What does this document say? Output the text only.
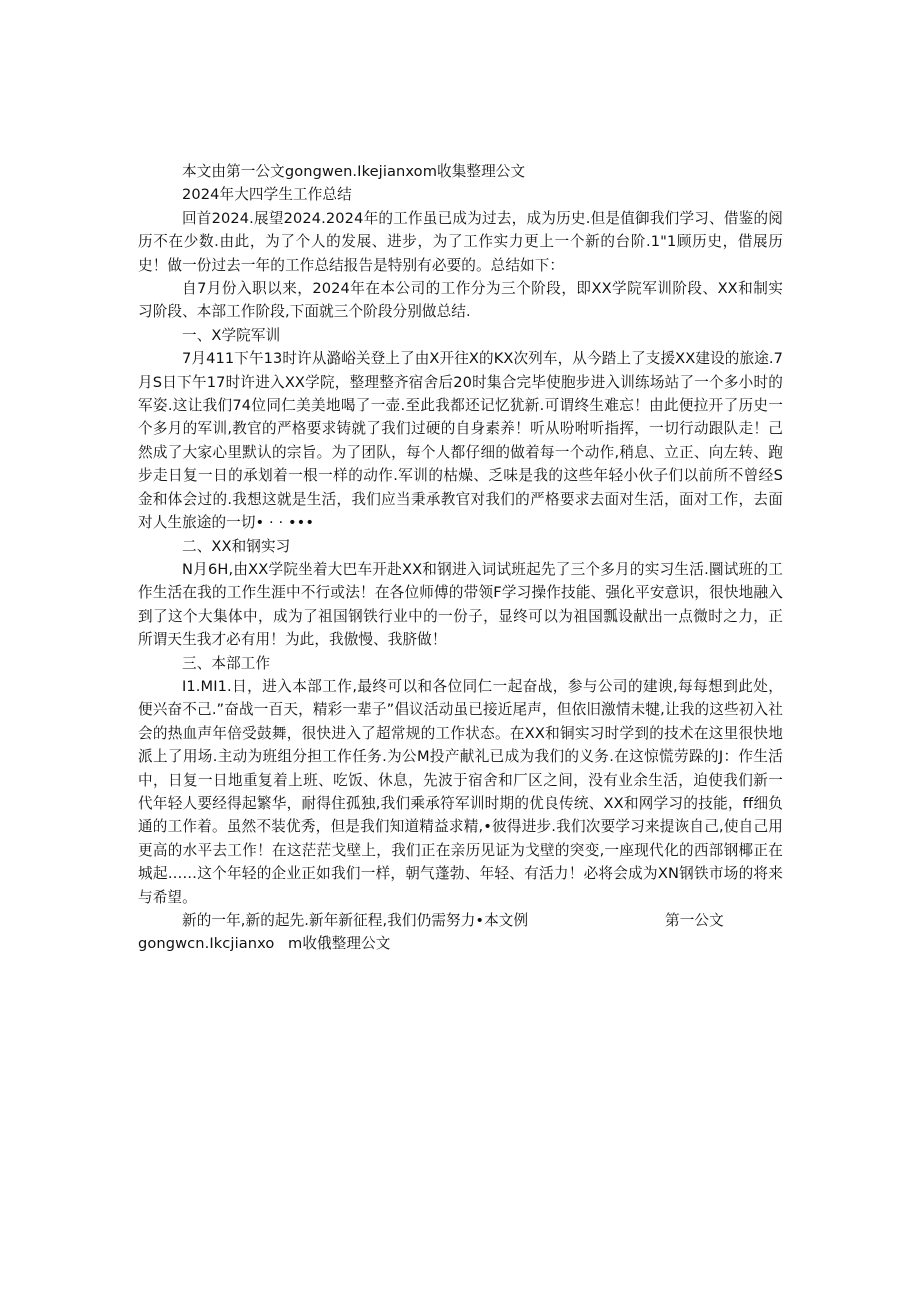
本文由第一公文gongwen.Ikejianxom收集整理公文

2024年大四学生工作总结

回首2024.展望2024.2024年的工作虽已成为过去，成为历史.但是值御我们学习、借鉴的阅历不在少数.由此，为了个人的发展、进步，为了工作实力更上一个新的台阶.1"1顾历史，借展历史！做一份过去一年的工作总结报告是特别有必要的。总结如下：

自7月份入职以来，2024年在本公司的工作分为三个阶段，即XX学院军训阶段、XX和制实习阶段、本部工作阶段,下面就三个阶段分别做总结.

一、X学院军训

7月411下午13时许从潞峪关登上了由X开往X的KX次列车，从今踏上了支援XX建设的旅途.7月S日下午17时许进入XX学院，整理整齐宿舍后20时集合完毕使胞步进入训练场站了一个多小时的军姿.这让我们74位同仁美美地喝了一壶.至此我都还记忆犹新.可谓终生难忘！由此便拉开了历史一个多月的军训,教官的严格要求铸就了我们过硬的自身素养！听从吩咐听指挥，一切行动跟队走！己然成了大家心里默认的宗旨。为了团队，每个人都仔细的做着每一个动作,稍息、立正、向左转、跑步走日复一日的承划着一根一样的动作.军训的枯燥、乏味是我的这些年轻小伙子们以前所不曾经S金和体会过的.我想这就是生活，我们应当秉承教官对我们的严格要求去面对生活，面对工作，去面对人生旅途的一切• · · •••

二、XX和钢实习

N月6H,由XX学院坐着大巴车开赴XX和钢进入词试班起先了三个多月的实习生活.圜试班的工作生活在我的工作生涯中不行或法！在各位师傅的带领F学习操作技能、强化平安意识，很快地融入到了这个大集体中，成为了祖国钢铁行业中的一份子，显终可以为祖国瓢设献出一点微时之力，正所谓天生我才必有用！为此，我傲慢、我脐做！

三、本部工作

I1.MI1.日，进入本部工作,最终可以和各位同仁一起奋战，参与公司的建谀,每每想到此处，便兴奋不己.”奋战一百天，精彩一辈子”倡议活动虽已接近尾声，但依旧激情未犍,让我的这些初入社会的热血声年倍受鼓舞，很快进入了超常规的工作状态。在XX和铜实习时学到的技术在这里很快地派上了用场.主动为班组分担工作任务.为公M投产献礼已成为我们的义务.在这惊慌劳跺的J：作生活中，日复一日地重复着上班、吃饭、休息，先波于宿舍和厂区之间，没有业余生活，迫使我们新一代年轻人要经得起繁华，耐得住孤独,我们乘承符军训时期的优良传统、XX和网学习的技能，ff细负通的工作着。虽然不装优秀，但是我们知道精益求精,•彼得进步.我们次要学习来提诙自己,使自己用更高的水平去工作！在这茫茫戈壁上，我们正在亲历见证为戈壁的突变,一座现代化的西部钢椰正在城起……这个年轻的企业正如我们一样，朝气蓬勃、年轻、有活力！必将会成为XN钢铁市场的将来与希望。

新的一年,新的起先.新年新征程,我们仍需努力•本文例	第一公文
gongwcn.Ikcjianxo m收俄整理公文
